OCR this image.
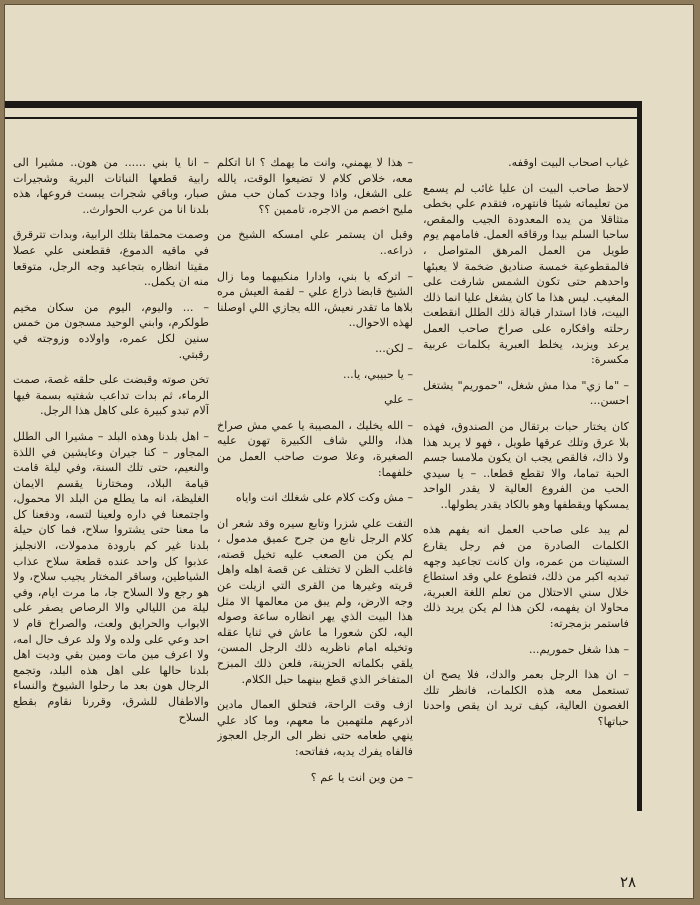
غياب اصحاب البيت اوقفه.

لاحظ صاحب البيت ان عليا غائب لم يسمع من تعليماته شيئا فانتهره، فتقدم علي بخطى متثاقلا من يده المعدودة الجيب والمقص، ساحبا السلم بيدا ورقاقه العمل. فامامهم يوم طويل من العمل المرهق المتواصل ، فالمقطوعية خمسة صناديق ضخمة لا يعبئها واحدهم حتى تكون الشمس شارفت على المغيب. ليس هذا ما كان يشغل عليا انما ذلك البيت، فاذا استدار قبالة ذلك الطلل انقطعت رحلته وافكاره على صراخ صاحب العمل يرعد ويزبد، يخلط العبرية بكلمات عربية مكسرة:

– "ما زي" مذا مش شغل، "حموريم" يشتغل احسن...

كان يختار حبات برتقال من الصندوق، فهذه بلا عرق وتلك عرقها طويل ، فهو لا يريد هذا ولا ذاك، فالقص يجب ان يكون ملامسا جسم الحبة تماما، والا تقطع قطعا.. – يا سيدي الحب من الفروع العالية لا يقدر الواحد يمسكها ويقطفها وهو بالكاد يقدر يطولها..

لم يبد على صاحب العمل انه يفهم هذه الكلمات الصادرة من فم رجل يقارع الستينات من عمره، وان كانت تجاعيد وجهه تبديه اكبر من ذلك، فتطوع علي وقد استطاع خلال سني الاحتلال من تعلم اللغة العبرية، محاولا ان يفهمه، لكن هذا لم يكن يريد ذلك فاستمر بزمجرته:

– هذا شغل حموريم...

– ان هذا الرجل بعمر والدك، فلا يصح ان تستعمل معه هذه الكلمات، فانظر تلك الغصون العالية، كيف تريد ان يقص واحدنا حباتها؟

– هذا لا يهمني، وانت ما يهمك ؟ انا اتكلم معه، خلاص كلام لا تضيعوا الوقت، يالله على الشغل، واذا وجدت كمان حب مش مليح اخصم من الاجره، تاممين ؟؟

وقبل ان يستمر علي امسكه الشيخ من ذراعه..

– اتركه يا بني، وادارا منكبيهما وما زال الشيخ قابضا ذراع علي – لقمة العيش مره بلاها ما تقدر نعيش، الله يجازي اللي اوصلنا لهذه الاحوال..

– لكن...

– يا حبيبي، يا...

– علي

– الله يخليك ، المصيبة يا عمي مش صراخ هذا، واللي شاف الكبيرة تهون عليه الصغيرة، وعلا صوت صاحب العمل من خلفهما:

– مش وكت كلام على شغلك انت واياه

التفت علي شزرا وتابع سيره وقد شعر ان كلام الرجل نابع من جرح عميق مدمول ، لم يكن من الصعب عليه تخيل قصته، فاغلب الظن لا تختلف عن قصة اهله واهل قريته وغيرها من القرى التي ازيلت عن وجه الارض، ولم يبق من معالمها الا مثل هذا البيت الذي يهر انظاره ساعة وصوله اليه، لكن شعورا ما عاش في ثنايا عقله وتخيله امام ناظريه ذلك الرجل المسن، يلقي بكلماته الحزينة، فلعن ذلك المبزح المتفاخر الذي قطع بينهما حبل الكلام.

ازف وقت الراحة، فتحلق العمال مادين اذرعهم ملتهمين ما معهم، وما كاد علي ينهي طعامه حتى نظر الى الرجل العجوز فالفاه يفرك يديه، ففاتحه:

– من وين انت يا عم ؟

– انا يا بني ...... من هون.. مشيرا الى رابية قطعها النباتات البرية وشجيرات صبار، وباقي شجرات يبست فروعها، هذه بلدنا انا من عرب الحوارث..

وصمت محملقا بتلك الرابية، وبدات تترقرق في ماقيه الدموع، فقطعنى علي عصلا مقيتا انظاره بتجاعيد وجه الرجل، متوقعا منه ان يكمل..

– ... واليوم، اليوم من سكان مخيم طولكرم، وابني الوحيد مسجون من خمس سنين لكل عمره، واولاده وزوجته في رقبتي.

تخن صوته وقبضت على حلقه غصة، صمت الرماء، ثم بدات تداعب شفتيه بسمة فيها آلام تبدو كبيرة على كاهل هذا الرجل.

– اهل بلدنا وهذه البلد – مشيرا الى الطلل المجاور – كنا جيران وعايشين في اللذة والنعيم، حتى تلك السنة، وفي ليلة قامت قيامة البلاد، ومختارنا يقسم الايمان الغليظة، انه ما يطلع من البلد الا محمول، واجتمعنا في داره ولعينا لتسه، ودفعنا كل ما معنا حتى يشتروا سلاح، فما كان حيلة بلدنا غير كم بارودة مدمولات، الانجليز عذبوا كل واحد عنده قطعة سلاح عذاب الشياطين، وساقر المختار يجيب سلاح، ولا هو رجع ولا السلاح جا، ما مرت ايام، وفي ليلة من الليالي والا الرصاص يصفر على الابواب والحرايق ولعت، والصراخ قام لا احد وعي على ولده ولا ولد عرف حال امه، ولا اعرف مين مات ومين بقي وديت اهل بلدنا حالها على اهل هذه البلد، وتجمع الرجال هون بعد ما رحلوا الشيوخ والنساء والاطفال للشرق، وقررنا نقاوم بقطع السلاح

٢٨
